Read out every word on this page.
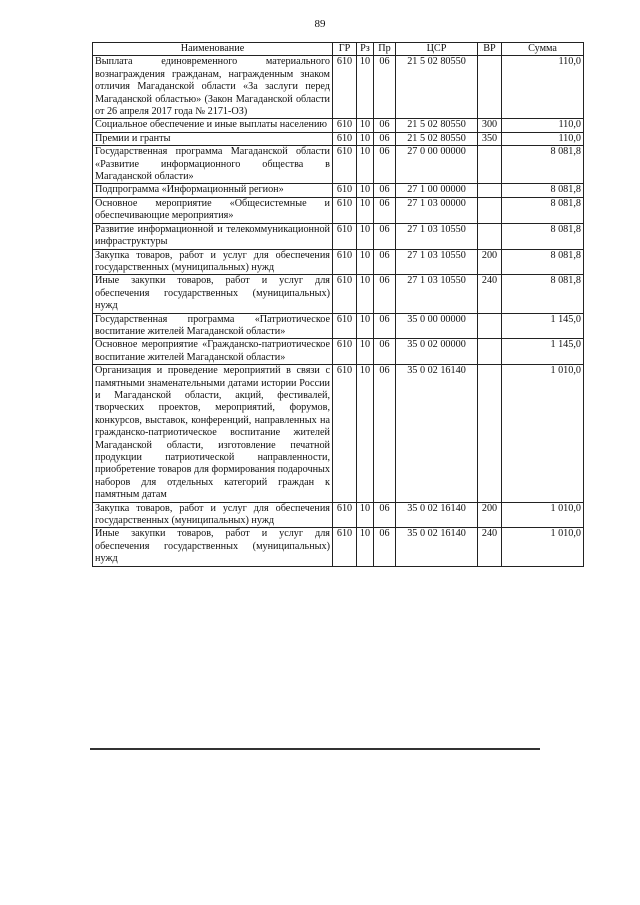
89
Наименование	ГР	Рз	Пр	ЦСР	ВР	Сумма
Выплата единовременного материального вознаграждения гражданам, награжденным знаком отличия Магаданской области «За заслуги перед Магаданской областью» (Закон Магаданской области от 26 апреля 2017 года № 2171-ОЗ)	610	10	06	21 5 02 80550		110,0
Социальное обеспечение и иные выплаты населению	610	10	06	21 5 02 80550	300	110,0
Премии и гранты	610	10	06	21 5 02 80550	350	110,0
Государственная программа Магаданской области «Развитие информационного общества в Магаданской области»	610	10	06	27 0 00 00000		8 081,8
Подпрограмма «Информационный регион»	610	10	06	27 1 00 00000		8 081,8
Основное мероприятие «Общесистемные и обеспечивающие мероприятия»	610	10	06	27 1 03 00000		8 081,8
Развитие информационной и телекоммуникационной инфраструктуры	610	10	06	27 1 03 10550		8 081,8
Закупка товаров, работ и услуг для обеспечения государственных (муниципальных) нужд	610	10	06	27 1 03 10550	200	8 081,8
Иные закупки товаров, работ и услуг для обеспечения государственных (муниципальных) нужд	610	10	06	27 1 03 10550	240	8 081,8
Государственная программа «Патриотическое воспитание жителей Магаданской области»	610	10	06	35 0 00 00000		1 145,0
Основное мероприятие «Гражданско-патриотическое воспитание жителей Магаданской области»	610	10	06	35 0 02 00000		1 145,0
Организация и проведение мероприятий в связи с памятными знаменательными датами истории России и Магаданской области, акций, фестивалей, творческих проектов, мероприятий, форумов, конкурсов, выставок, конференций, направленных на гражданско-патриотическое воспитание жителей Магаданской области, изготовление печатной продукции патриотической направленности, приобретение товаров для формирования подарочных наборов для отдельных категорий граждан к памятным датам	610	10	06	35 0 02 16140		1 010,0
Закупка товаров, работ и услуг для обеспечения государственных (муниципальных) нужд	610	10	06	35 0 02 16140	200	1 010,0
Иные закупки товаров, работ и услуг для обеспечения государственных (муниципальных) нужд	610	10	06	35 0 02 16140	240	1 010,0
